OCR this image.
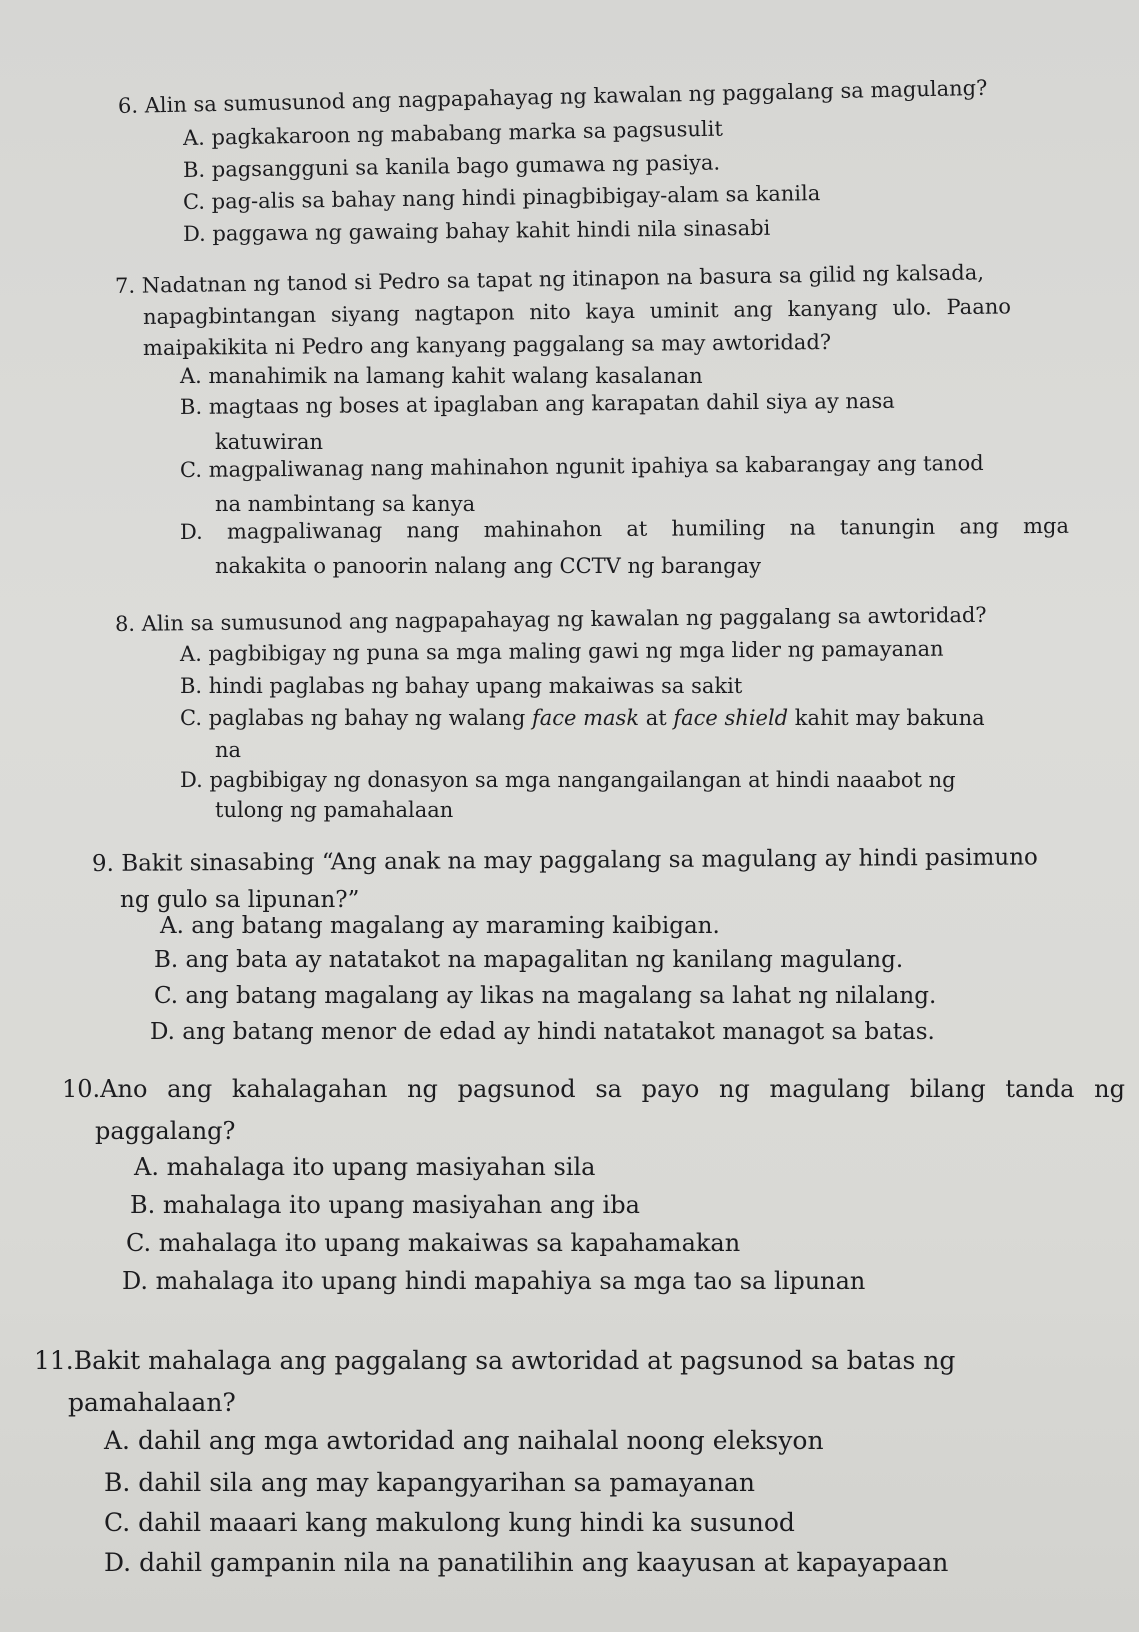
6. Alin sa sumusunod ang nagpapahayag ng kawalan ng paggalang sa magulang?
A. pagkakaroon ng mababang marka sa pagsusulit
B. pagsangguni sa kanila bago gumawa ng pasiya.
C. pag-alis sa bahay nang hindi pinagbibigay-alam sa kanila
D. paggawa ng gawaing bahay kahit hindi nila sinasabi
7. Nadatnan ng tanod si Pedro sa tapat ng itinapon na basura sa gilid ng kalsada,
napagbintangan siyang nagtapon nito kaya uminit ang kanyang ulo. Paano
maipakikita ni Pedro ang kanyang paggalang sa may awtoridad?
A. manahimik na lamang kahit walang kasalanan
B. magtaas ng boses at ipaglaban ang karapatan dahil siya ay nasa
katuwiran
C. magpaliwanag nang mahinahon ngunit ipahiya sa kabarangay ang tanod
na nambintang sa kanya
D. magpaliwanag nang mahinahon at humiling na tanungin ang mga
nakakita o panoorin nalang ang CCTV ng barangay
8. Alin sa sumusunod ang nagpapahayag ng kawalan ng paggalang sa awtoridad?
A. pagbibigay ng puna sa mga maling gawi ng mga lider ng pamayanan
B. hindi paglabas ng bahay upang makaiwas sa sakit
C. paglabas ng bahay ng walang face mask at face shield kahit may bakuna
na
D. pagbibigay ng donasyon sa mga nangangailangan at hindi naaabot ng
tulong ng pamahalaan
9. Bakit sinasabing “Ang anak na may paggalang sa magulang ay hindi pasimuno
ng gulo sa lipunan?”
A. ang batang magalang ay maraming kaibigan.
B. ang bata ay natatakot na mapagalitan ng kanilang magulang.
C. ang batang magalang ay likas na magalang sa lahat ng nilalang.
D. ang batang menor de edad ay hindi natatakot managot sa batas.
10.Ano ang kahalagahan ng pagsunod sa payo ng magulang bilang tanda ng
paggalang?
A. mahalaga ito upang masiyahan sila
B. mahalaga ito upang masiyahan ang iba
C. mahalaga ito upang makaiwas sa kapahamakan
D. mahalaga ito upang hindi mapahiya sa mga tao sa lipunan
11.Bakit mahalaga ang paggalang sa awtoridad at pagsunod sa batas ng
pamahalaan?
A. dahil ang mga awtoridad ang naihalal noong eleksyon
B. dahil sila ang may kapangyarihan sa pamayanan
C. dahil maaari kang makulong kung hindi ka susunod
D. dahil gampanin nila na panatilihin ang kaayusan at kapayapaan
